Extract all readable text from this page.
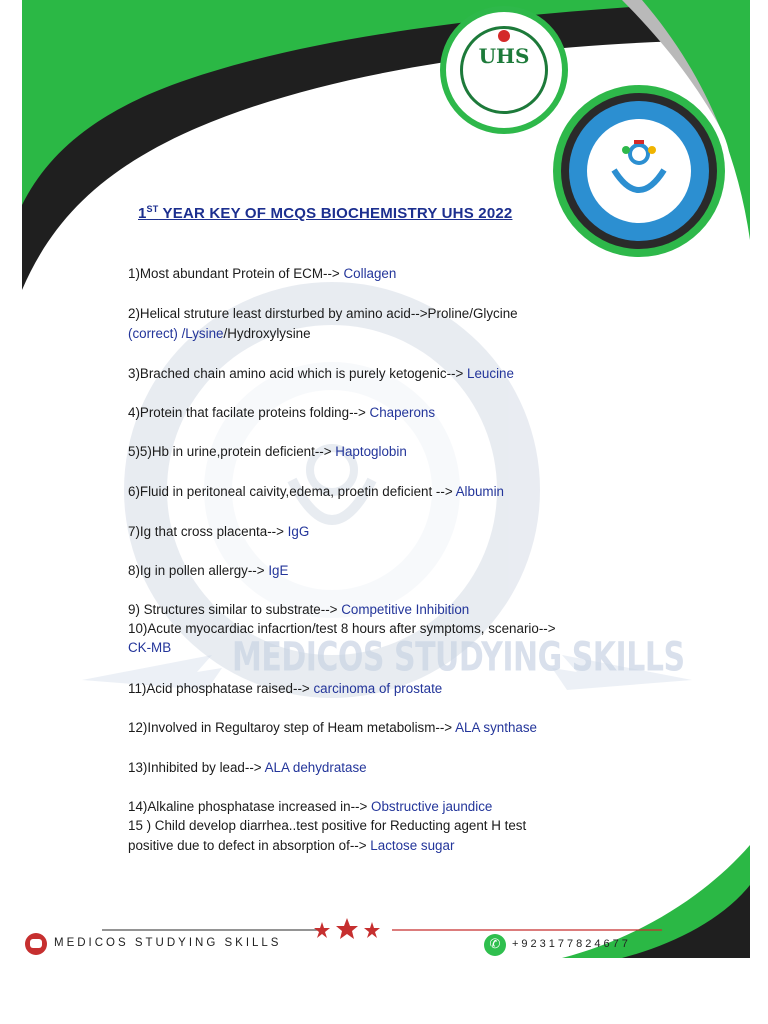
UHS
1ST YEAR KEY OF MCQS BIOCHEMISTRY UHS 2022
MEDICOS STUDYING SKILLS
1)Most abundant Protein of ECM--> Collagen
2)Helical struture least dirsturbed by amino acid-->Proline/Glycine
(correct) /Lysine/Hydroxylysine
3)Brached chain amino acid which is purely ketogenic--> Leucine
4)Protein that facilate proteins folding--> Chaperons
5)5)Hb in urine,protein deficient--> Haptoglobin
6)Fluid in peritoneal caivity,edema, proetin deficient --> Albumin
7)Ig that cross placenta--> IgG
8)Ig in pollen allergy--> IgE
9) Structures similar to substrate--> Competitive Inhibition
10)Acute myocardiac infacrtion/test 8 hours after symptoms, scenario-->
CK-MB
11)Acid phosphatase raised--> carcinoma of prostate
12)Involved in Regultaroy step of Heam metabolism--> ALA synthase
13)Inhibited by lead--> ALA dehydratase
14)Alkaline phosphatase increased in--> Obstructive jaundice
15 ) Child develop diarrhea..test positive for Reducting agent H test
positive due to defect in absorption of--> Lactose sugar
MEDICOS STUDYING SKILLS	✆	+923177824677
